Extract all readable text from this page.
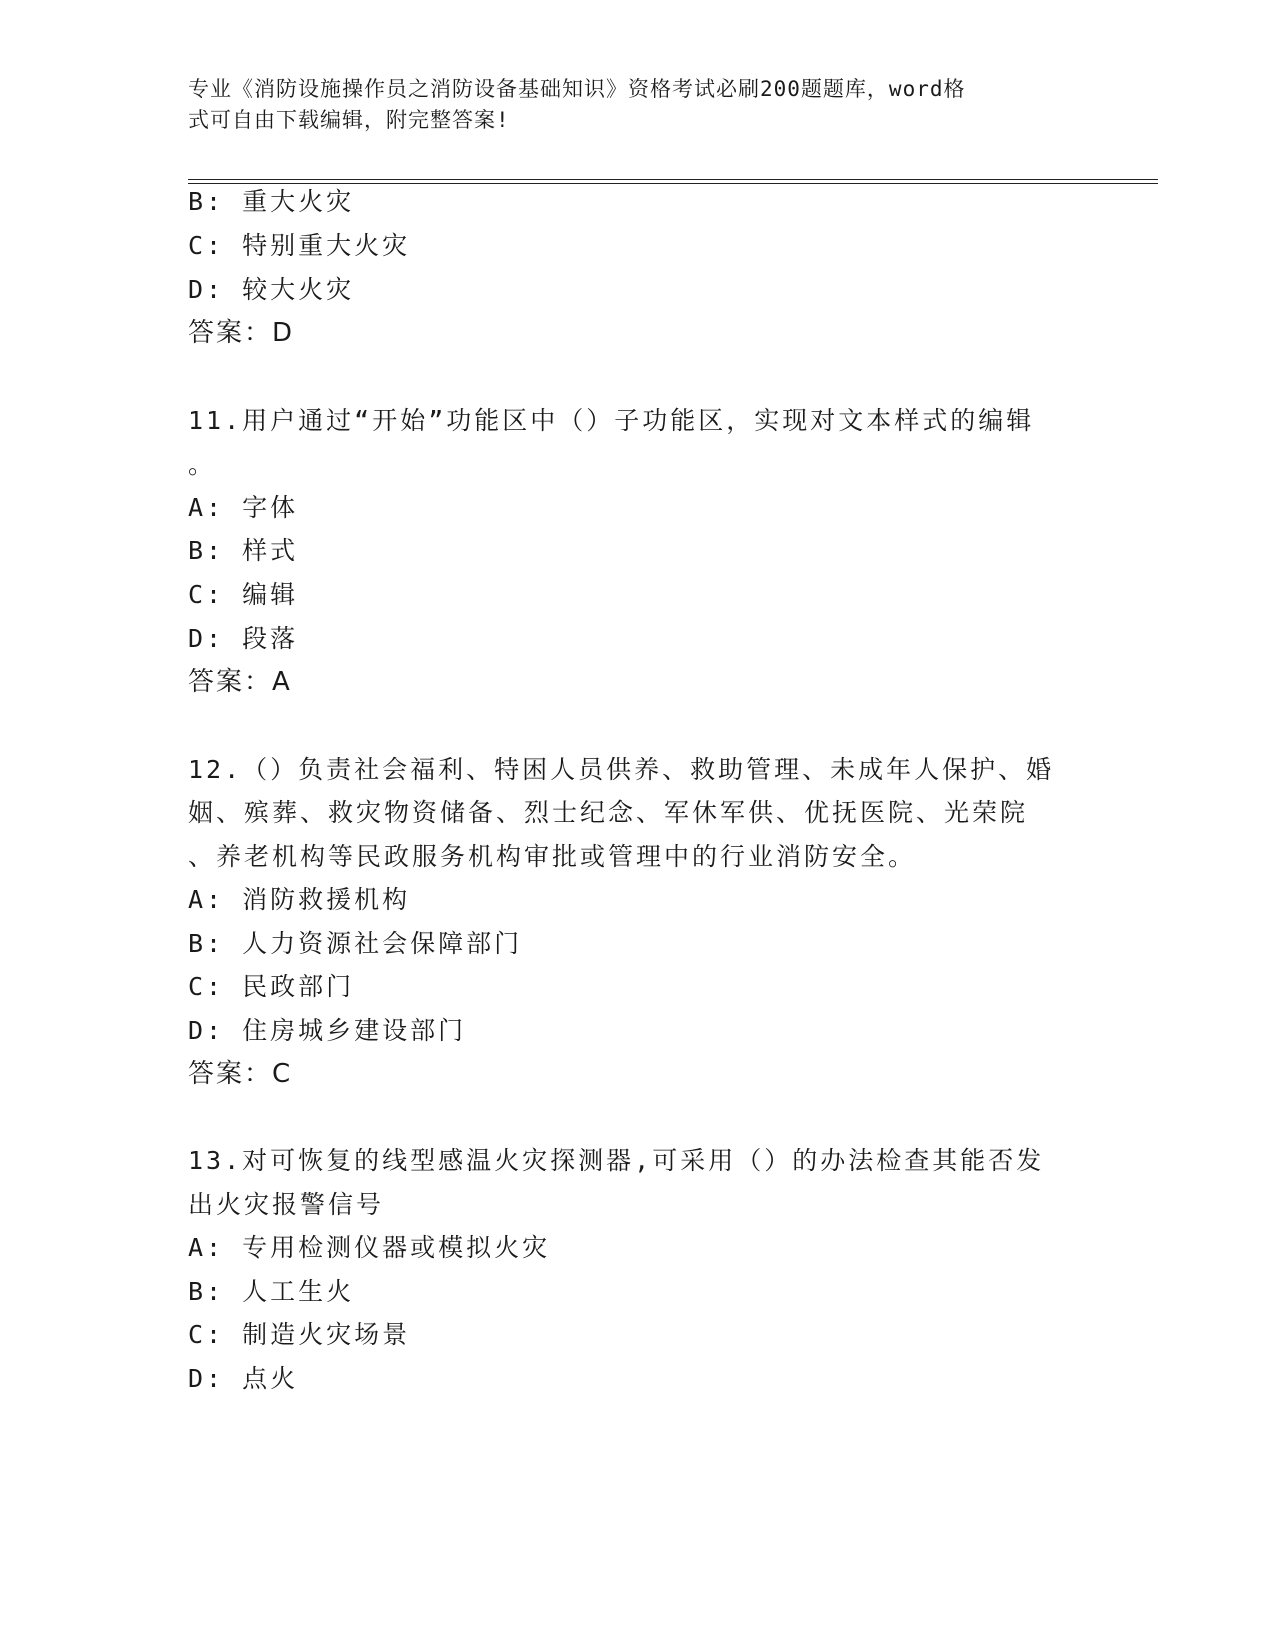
专业《消防设施操作员之消防设备基础知识》资格考试必刷200题题库，word格
式可自由下载编辑，附完整答案!
B: 重大火灾
C: 特别重大火灾
D: 较大火灾
答案：D
11.用户通过“开始”功能区中（）子功能区，实现对文本样式的编辑
。
A: 字体
B: 样式
C: 编辑
D: 段落
答案：A
12.（）负责社会福利、特困人员供养、救助管理、未成年人保护、婚
姻、殡葬、救灾物资储备、烈士纪念、军休军供、优抚医院、光荣院
、养老机构等民政服务机构审批或管理中的行业消防安全。
A: 消防救援机构
B: 人力资源社会保障部门
C: 民政部门
D: 住房城乡建设部门
答案：C
13.对可恢复的线型感温火灾探测器,可采用（）的办法检查其能否发
出火灾报警信号
A: 专用检测仪器或模拟火灾
B: 人工生火
C: 制造火灾场景
D: 点火
